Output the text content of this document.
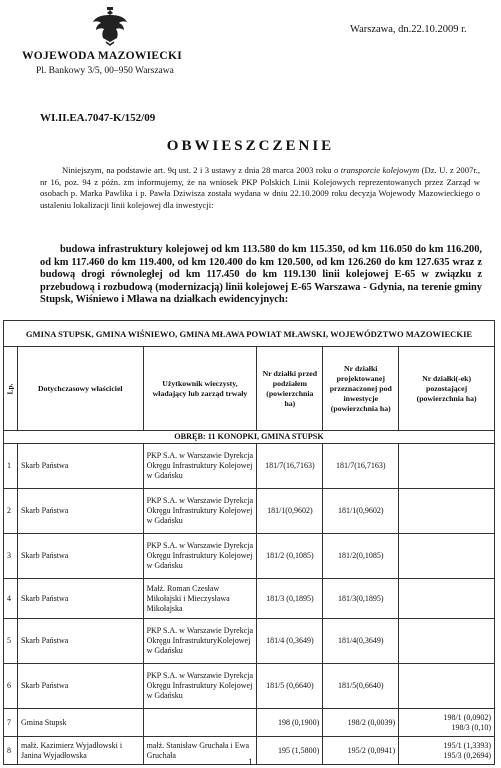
Warszawa, dn.22.10.2009 r.
WOJEWODA MAZOWIECKI
Pl. Bankowy 3/5, 00–950 Warszawa
WI.II.EA.7047-K/152/09
OBWIESZCZENIE

Niniejszym, na podstawie art. 9q ust. 2 i 3 ustawy z dnia 28 marca 2003 roku o transporcie kolejowym (Dz. U. z 2007r., nr 16, poz. 94 z późn. zm informujemy, że na wniosek PKP Polskich Linii Kolejowych reprezentowanych przez Zarząd w osobach p. Marka Pawlika i p. Pawła Dziwisza została wydana w dniu 22.10.2009 roku decyzja Wojewody Mazowieckiego o ustaleniu lokalizacji linii kolejowej dla inwestycji:

budowa infrastruktury kolejowej od km 113.580 do km 115.350, od km 116.050 do km 116.200, od km 117.460 do km 119.400, od km 120.400 do km 120.500, od km 126.260 do km 127.635 wraz z budową drogi równoległej od km 117.450 do km 119.130 linii kolejowej E-65 w związku z przebudową i rozbudową (modernizacją) linii kolejowej E-65 Warszawa - Gdynia, na terenie gminy Stupsk, Wiśniewo i Mława na działkach ewidencyjnych:

GMINA STUPSK, GMINA WIŚNIEWO, GMINA MŁAWA POWIAT MŁAWSKI, WOJEWÓDZTWO MAZOWIECKIE					
Lp.	Dotychczasowy właściciel	Użytkownik wieczysty, władający lub zarząd trwały	Nr działki przed podziałem (powierzchnia ha)	Nr działki projektowanej przeznaczonej pod inwestycje (powierzchnia ha)	Nr działki(-ek) pozostającej (powierzchnia ha)
OBRĘB: 11 KONOPKI, GMINA STUPSK					
1	Skarb Państwa	PKP S.A. w Warszawie Dyrekcja Okręgu Infrastruktury Kolejowej w Gdańsku	181/7(16,7163)	181/7(16,7163)	
2	Skarb Państwa	PKP S.A. w Warszawie Dyrekcja Okręgu Infrastruktury Kolejowej w Gdańsku	181/1(0,9602)	181/1(0,9602)	
3	Skarb Państwa	PKP S.A. w Warszawie Dyrekcja Okręgu Infrastruktury Kolejowej w Gdańsku	181/2 (0,1085)	181/2(0,1085)	
4	Skarb Państwa	Małż. Roman Czesław Mikołajski i Mieczysława Mikołajska	181/3 (0,1895)	181/3(0,1895)	
5	Skarb Państwa	PKP S.A. w Warszawie Dyrekcja Okręgu InfrastrukturyKolejowej w Gdańsku	181/4 (0,3649)	181/4(0,3649)	
6	Skarb Państwa	PKP S.A. w Warszawie Dyrekcja Okręgu Infrastruktury Kolejowej w Gdańsku	181/5 (0,6640)	181/5(0,6640)	
7	Gmina Stupsk		198 (0,1900)	198/2 (0,0039)	198/1 (0,0902)
198/3 (0,10)
8	małż. Kazimierz Wyjadłowski i Janina Wyjadłowska	małż. Stanisław Gruchała i Ewa Gruchała	195 (1,5800)	195/2 (0,0941)	195/1 (1,3393)
195/3 (0,2694)
1
